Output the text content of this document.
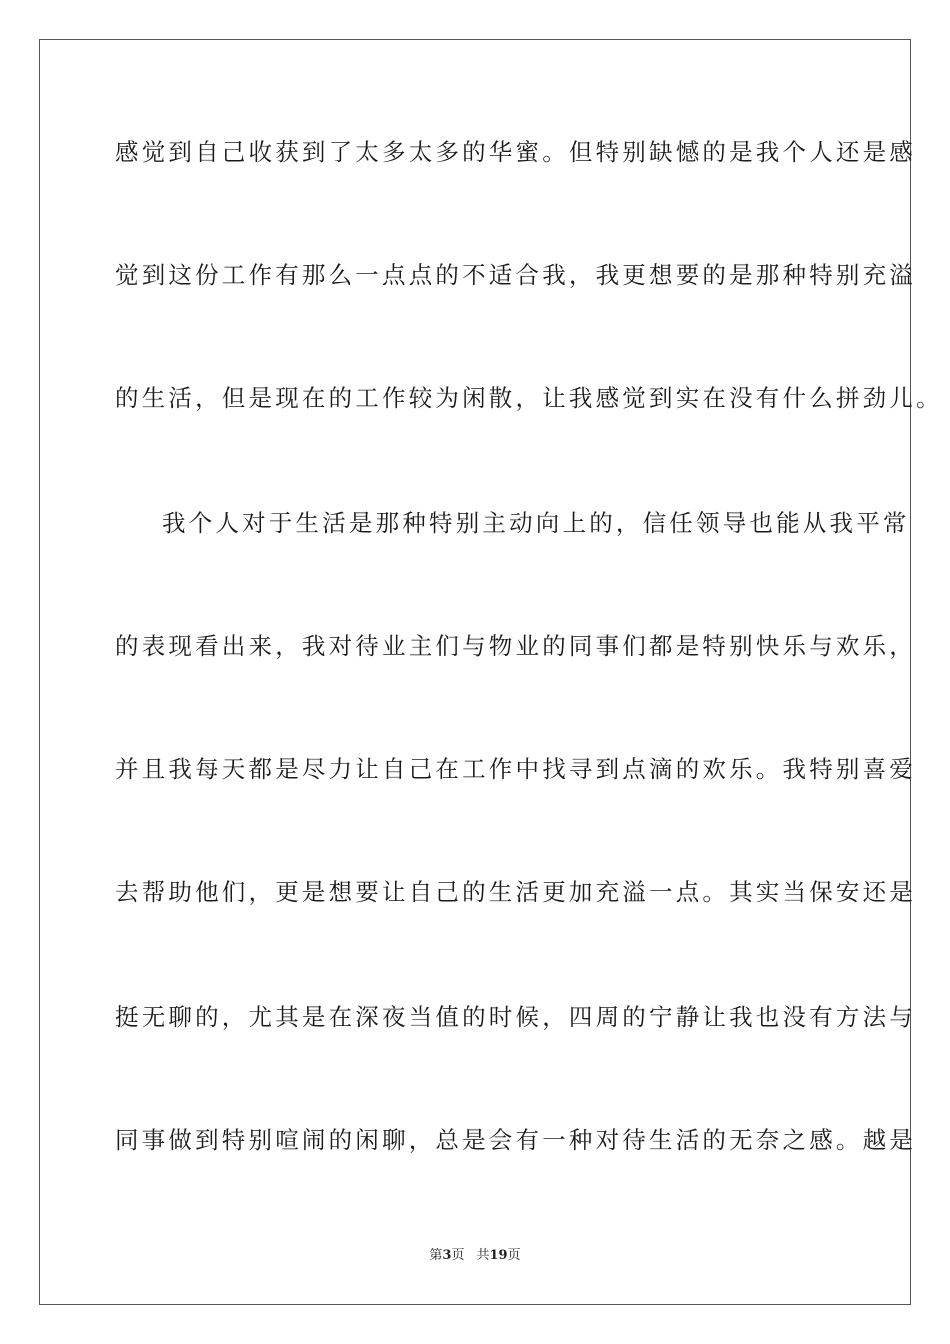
感觉到自己收获到了太多太多的华蜜。但特别缺憾的是我个人还是感
觉到这份工作有那么一点点的不适合我，我更想要的是那种特别充溢
的生活，但是现在的工作较为闲散，让我感觉到实在没有什么拼劲儿。
我个人对于生活是那种特别主动向上的，信任领导也能从我平常
的表现看出来，我对待业主们与物业的同事们都是特别快乐与欢乐，
并且我每天都是尽力让自己在工作中找寻到点滴的欢乐。我特别喜爱
去帮助他们，更是想要让自己的生活更加充溢一点。其实当保安还是
挺无聊的，尤其是在深夜当值的时候，四周的宁静让我也没有方法与
同事做到特别喧闹的闲聊，总是会有一种对待生活的无奈之感。越是
第3页 共19页
